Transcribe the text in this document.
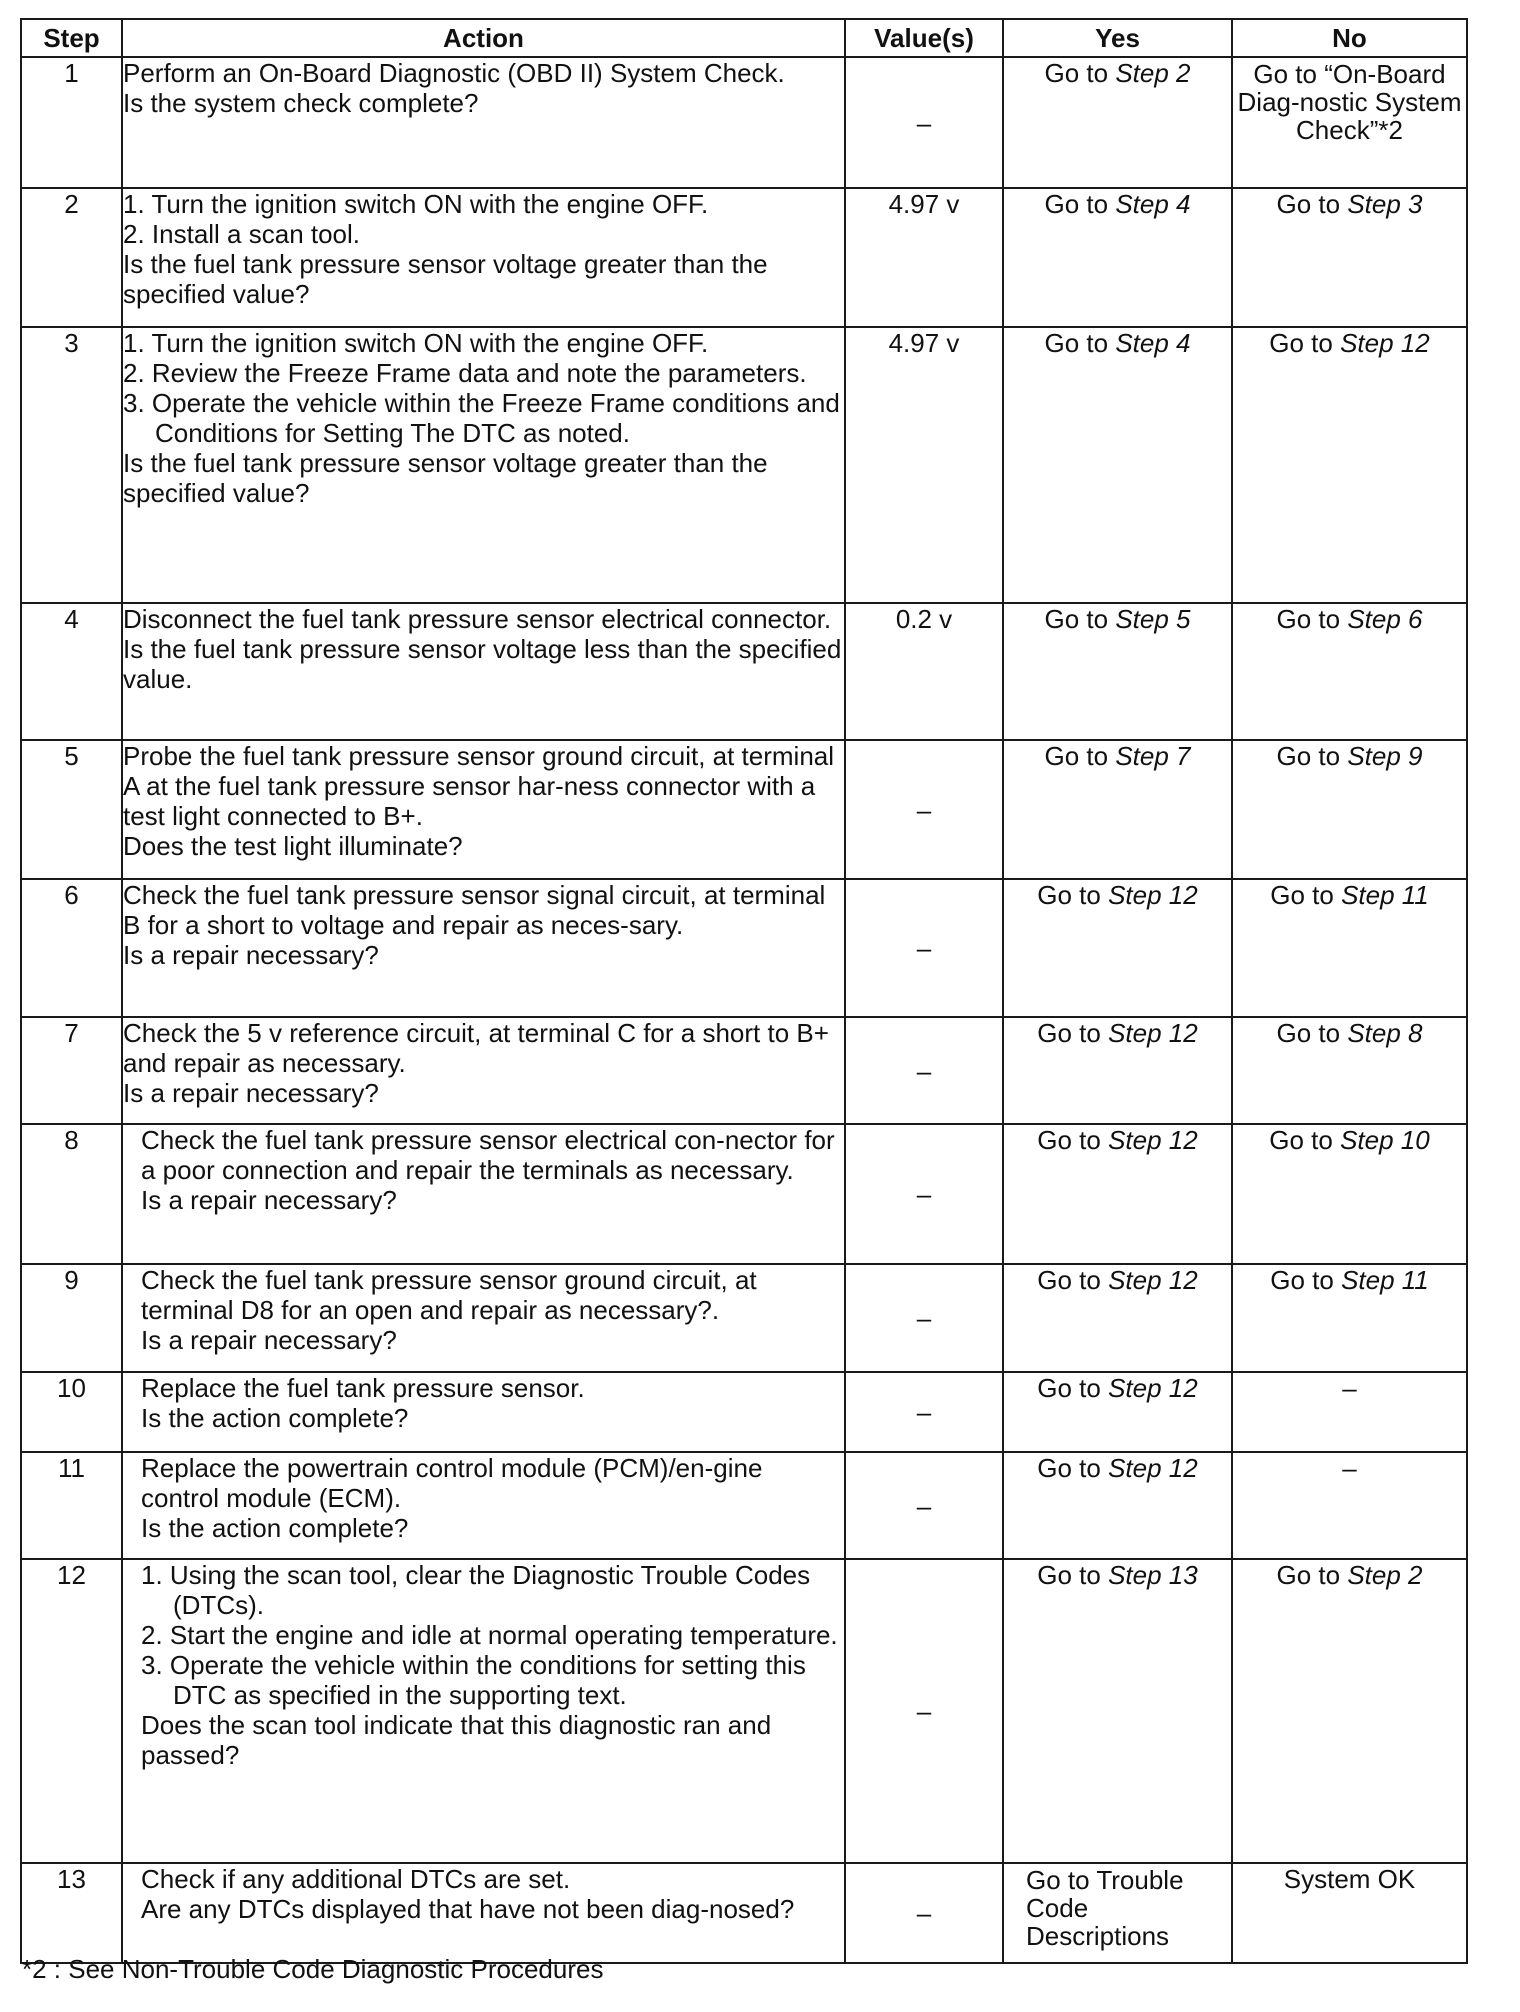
Step	Action	Value(s)	Yes	No
1	Perform an On-Board Diagnostic (OBD II) System Check.
Is the system check complete?	–	Go to Step 2	Go to “On-Board Diag-nostic System Check”*2
2	1. Turn the ignition switch ON with the engine OFF.
2. Install a scan tool.
Is the fuel tank pressure sensor voltage greater than the specified value?	4.97 v	Go to Step 4	Go to Step 3
3	1. Turn the ignition switch ON with the engine OFF.
2. Review the Freeze Frame data and note the parameters.
3. Operate the vehicle within the Freeze Frame conditions and Conditions for Setting The DTC as noted.
Is the fuel tank pressure sensor voltage greater than the specified value?	4.97 v	Go to Step 4	Go to Step 12
4	Disconnect the fuel tank pressure sensor electrical connector.
Is the fuel tank pressure sensor voltage less than the specified value.	0.2 v	Go to Step 5	Go to Step 6
5	Probe the fuel tank pressure sensor ground circuit, at terminal A at the fuel tank pressure sensor har-ness connector with a test light connected to B+.
Does the test light illuminate?	–	Go to Step 7	Go to Step 9
6	Check the fuel tank pressure sensor signal circuit, at terminal B for a short to voltage and repair as neces-sary.
Is a repair necessary?	–	Go to Step 12	Go to Step 11
7	Check the 5 v reference circuit, at terminal C for a short to B+ and repair as necessary.
Is a repair necessary?	–	Go to Step 12	Go to Step 8
8	Check the fuel tank pressure sensor electrical con-nector for a poor connection and repair the terminals as necessary.
Is a repair necessary?	–	Go to Step 12	Go to Step 10
9	Check the fuel tank pressure sensor ground circuit, at terminal D8 for an open and repair as necessary?.
Is a repair necessary?	–	Go to Step 12	Go to Step 11
10	Replace the fuel tank pressure sensor.
Is the action complete?	–	Go to Step 12	–
11	Replace the powertrain control module (PCM)/en-gine control module (ECM).
Is the action complete?	–	Go to Step 12	–
12	1. Using the scan tool, clear the Diagnostic Trouble Codes (DTCs).
2. Start the engine and idle at normal operating temperature.
3. Operate the vehicle within the conditions for setting this DTC as specified in the supporting text.
Does the scan tool indicate that this diagnostic ran and passed?	–	Go to Step 13	Go to Step 2
13	Check if any additional DTCs are set.
Are any DTCs displayed that have not been diag-nosed?	–	Go to Trouble Code Descriptions	System OK
*2 : See Non-Trouble Code Diagnostic Procedures
